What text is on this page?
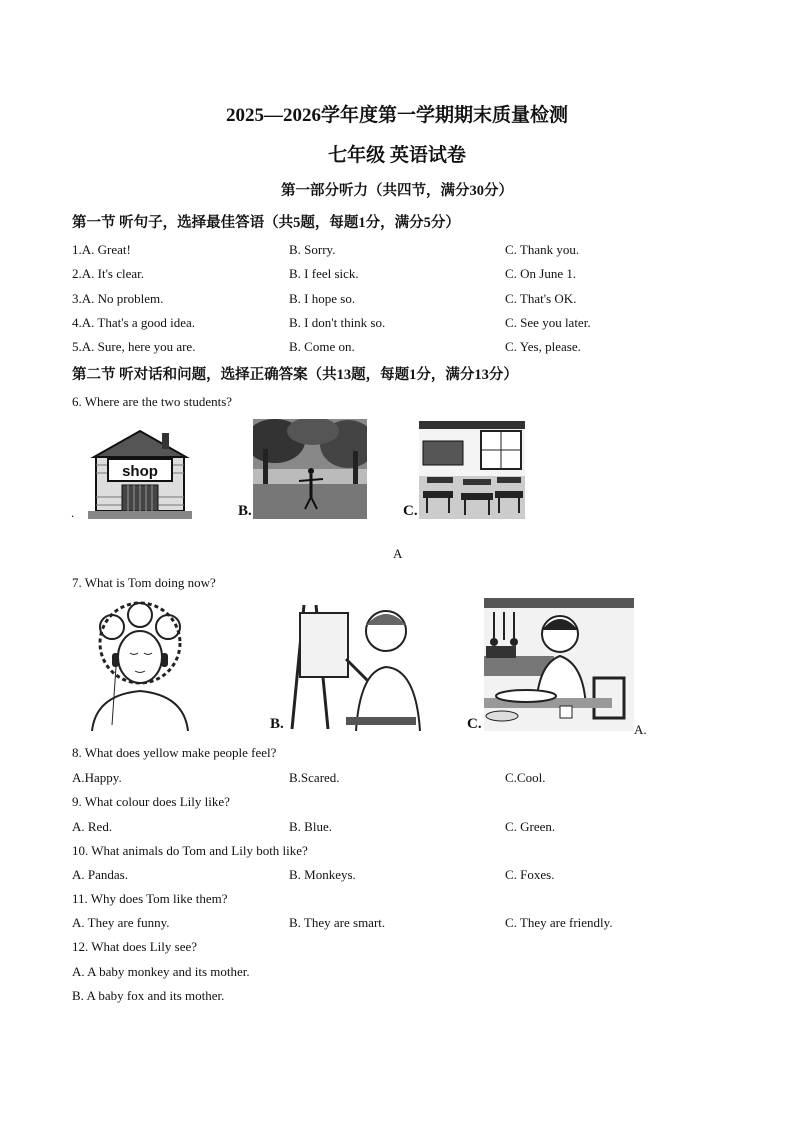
2025—2026学年度第一学期期末质量检测
七年级 英语试卷
第一部分听力（共四节，满分30分）
第一节 听句子，选择最佳答语（共5题，每题1分，满分5分）
1.A. Great!	B. Sorry.	C. Thank you.
2.A. It's clear.	B. I feel sick.	C. On June 1.
3.A. No problem.	B. I hope so.	C. That's OK.
4.A. That's a good idea.	B. I don't think so.	C. See you later.
5.A. Sure, here you are.	B. Come on.	C. Yes, please.
第二节 听对话和问题，选择正确答案（共13题，每题1分，满分13分）
6. Where are the two students?
.
shop
B.	C.
A
7. What is Tom doing now?
B.	C.	A.
8. What does yellow make people feel?
A.Happy.	B.Scared.	C.Cool.
9. What colour does Lily like?
A. Red.	B. Blue.	C. Green.
10. What animals do Tom and Lily both like?
A. Pandas.	B. Monkeys.	C. Foxes.
11. Why does Tom like them?
A. They are funny.	B. They are smart.	C. They are friendly.
12. What does Lily see?
A. A baby monkey and its mother.
B. A baby fox and its mother.
